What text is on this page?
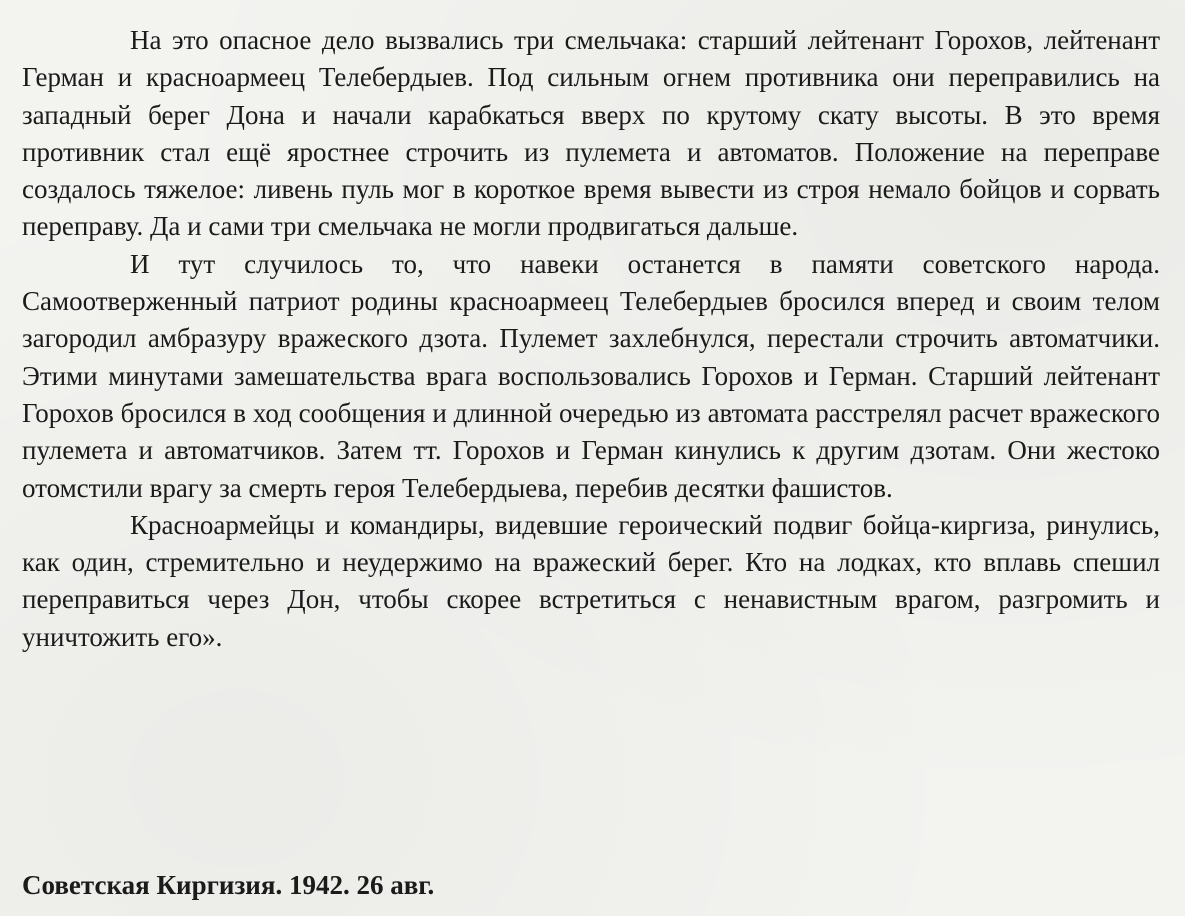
На это опасное дело вызвались три смельчака: старший лейтенант Горохов, лейтенант Герман и красноармеец Телебердыев. Под сильным огнем противника они переправились на западный берег Дона и начали карабкаться вверх по крутому скату высоты. В это время противник стал ещё яростнее строчить из пулемета и автоматов. Положение на переправе создалось тяжелое: ливень пуль мог в короткое время вывести из строя немало бойцов и сорвать переправу. Да и сами три смельчака не могли продвигаться дальше.

И тут случилось то, что навеки останется в памяти советского народа. Самоотверженный патриот родины красноармеец Телебердыев бросился вперед и своим телом загородил амбразуру вражеского дзота. Пулемет захлебнулся, перестали строчить автоматчики. Этими минутами замешательства врага воспользовались Горохов и Герман. Старший лейтенант Горохов бросился в ход сообщения и длинной очередью из автомата расстрелял расчет вражеского пулемета и автоматчиков. Затем тт. Горохов и Герман кинулись к другим дзотам. Они жестоко отомстили врагу за смерть героя Телебердыева, перебив десятки фашистов.

Красноармейцы и командиры, видевшие героический подвиг бойца-киргиза, ринулись, как один, стремительно и неудержимо на вражеский берег. Кто на лодках, кто вплавь спешил переправиться через Дон, чтобы скорее встретиться с ненавистным врагом, разгромить и уничтожить его».

Советская Киргизия. 1942. 26 авг.
